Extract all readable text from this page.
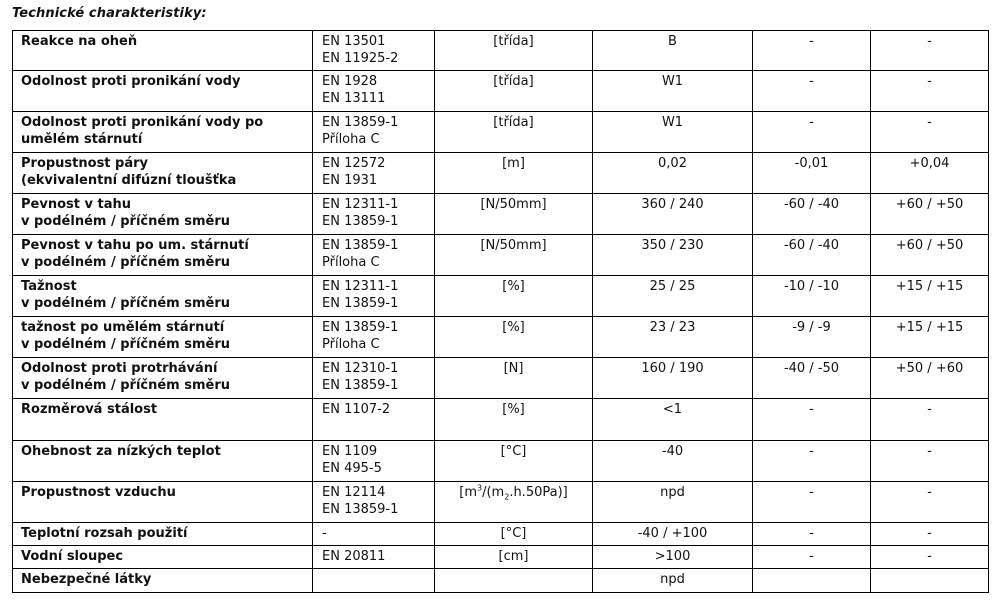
Technické charakteristiky:
Reakce na oheň	EN 13501
EN 11925-2	[třída]	B	-	-

Odolnost proti pronikání vody	EN 1928
EN 13111	[třída]	W1	-	-

Odolnost proti pronikání vody po
umělém stárnutí	EN 13859-1
Příloha C	[třída]	W1	-	-

Propustnost páry
(ekvivalentní difúzní tloušťka	EN 12572
EN 1931	[m]	0,02	-0,01	+0,04

Pevnost v tahu
v podélném / příčném směru	EN 12311-1
EN 13859-1	[N/50mm]	360 / 240	-60 / -40	+60 / +50

Pevnost v tahu po um. stárnutí
v podélném / příčném směru	EN 13859-1
Příloha C	[N/50mm]	350 / 230	-60 / -40	+60 / +50

Tažnost
v podélném / příčném směru	EN 12311-1
EN 13859-1	[%]	25 / 25	-10 / -10	+15 / +15

tažnost po umělém stárnutí
v podélném / příčném směru	EN 13859-1
Příloha C	[%]	23 / 23	-9 / -9	+15 / +15

Odolnost proti protrhávání
v podélném / příčném směru	EN 12310-1
EN 13859-1	[N]	160 / 190	-40 / -50	+50 / +60

Rozměrová stálost	EN 1107-2	[%]	<1	-	-

Ohebnost za nízkých teplot	EN 1109
EN 495-5	[°C]	-40	-	-

Propustnost vzduchu	EN 12114
EN 13859-1	$[m^3/(m_2.h.50Pa)]$	npd	-	-

Teplotní rozsah použití	-	[°C]	-40 / +100	-	-

Vodní sloupec	EN 20811	[cm]	>100	-	-

Nebezpečné látky			npd		
